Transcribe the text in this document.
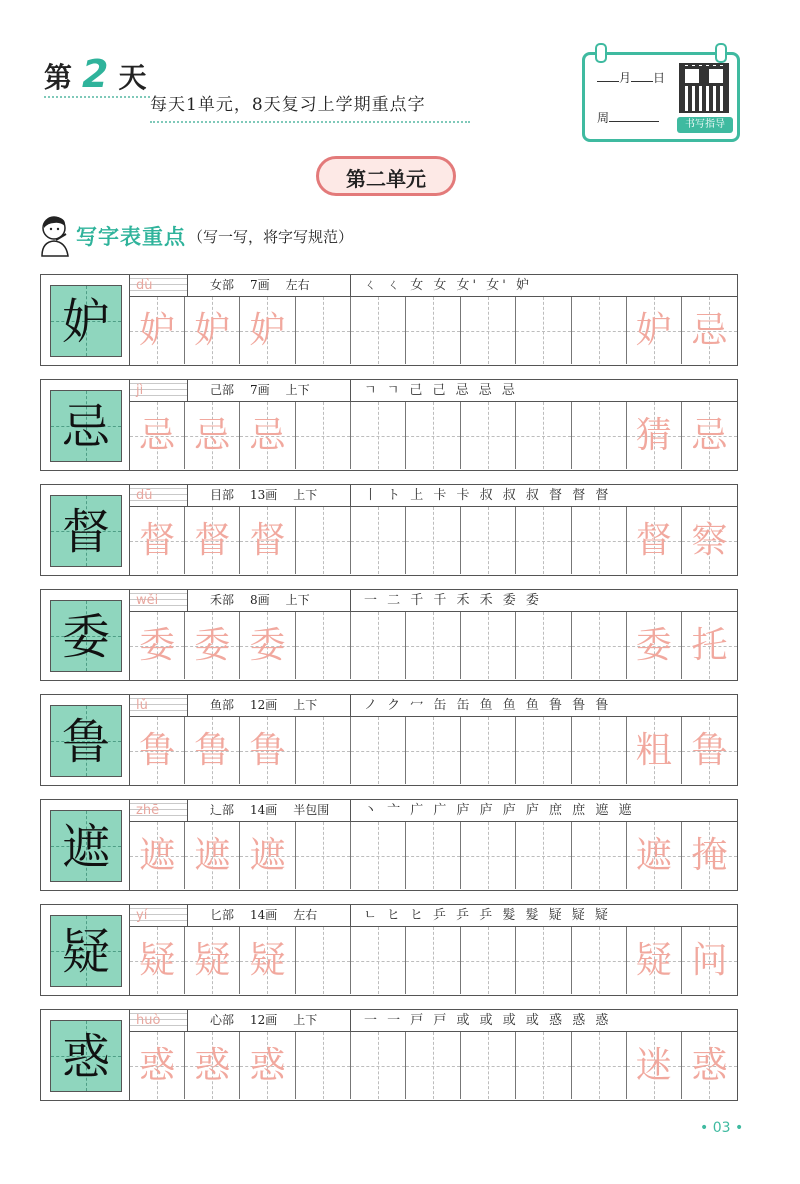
第 2 天
每天1单元，8天复习上学期重点字
月 日
周	书写指导
第二单元
写字表重点 （写一写，将字写规范）
妒
dù	女部 7画 左右	ㄑ ㄑ 女 女 女' 女' 妒
妒 妒 妒	妒 忌
忌
jì	己部 7画 上下	ㄱ ㄱ 己 己 忌 忌 忌
忌 忌 忌	猜 忌
督
dū	目部 13画 上下	丨 ト 上 卡 卡 叔 叔 叔 督 督 督
督 督 督	督 察
委
wěi	禾部 8画 上下	一 二 千 千 禾 禾 委 委
委 委 委	委 托
鲁
lǔ	鱼部 12画 上下	ノ ク 冖 缶 缶 鱼 鱼 鱼 鲁 鲁 鲁
鲁 鲁 鲁	粗 鲁
遮
zhē	辶部 14画 半包围	丶 亠 广 广 庐 庐 庐 庐 庶 庶 遮 遮
遮 遮 遮	遮 掩
疑
yí	匕部 14画 左右	ㄴ ヒ ヒ 乒 乒 乒 髮 髮 疑 疑 疑
疑 疑 疑	疑 问
惑
huò	心部 12画 上下	一 一 戸 戸 或 或 或 或 惑 惑 惑
惑 惑 惑	迷 惑
• 03 •
